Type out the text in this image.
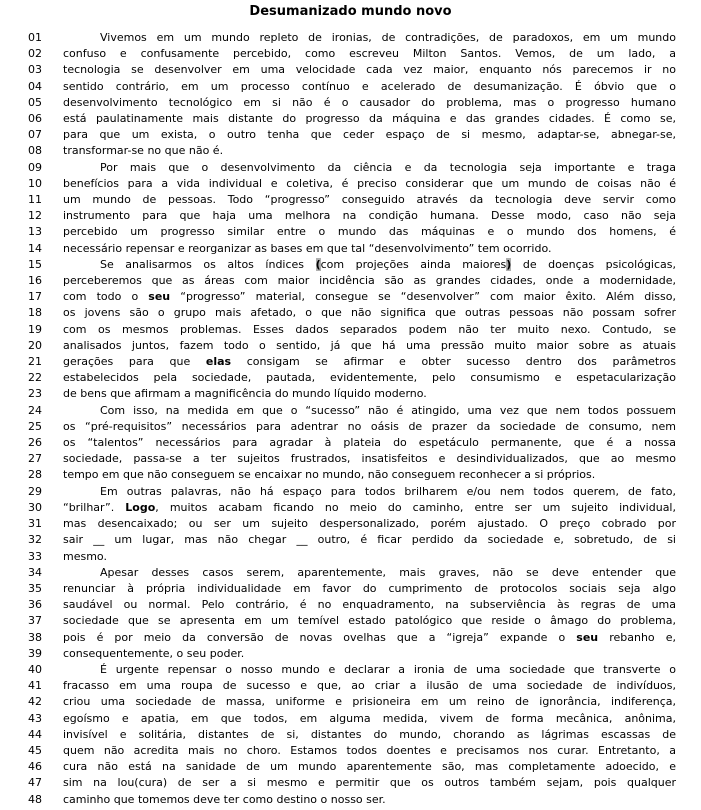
Desumanizado mundo novo
01	Vivemos em um mundo repleto de ironias, de contradições, de paradoxos, em um mundo
02	confuso e confusamente percebido, como escreveu Milton Santos. Vemos, de um lado, a
03	tecnologia se desenvolver em uma velocidade cada vez maior, enquanto nós parecemos ir no
04	sentido contrário, em um processo contínuo e acelerado de desumanização. É óbvio que o
05	desenvolvimento tecnológico em si não é o causador do problema, mas o progresso humano
06	está paulatinamente mais distante do progresso da máquina e das grandes cidades. É como se,
07	para que um exista, o outro tenha que ceder espaço de si mesmo, adaptar-se, abnegar-se,
08	transformar-se no que não é.
09	Por mais que o desenvolvimento da ciência e da tecnologia seja importante e traga
10	benefícios para a vida individual e coletiva, é preciso considerar que um mundo de coisas não é
11	um mundo de pessoas. Todo “progresso” conseguido através da tecnologia deve servir como
12	instrumento para que haja uma melhora na condição humana. Desse modo, caso não seja
13	percebido um progresso similar entre o mundo das máquinas e o mundo dos homens, é
14	necessário repensar e reorganizar as bases em que tal “desenvolvimento” tem ocorrido.
15	Se analisarmos os altos índices (com projeções ainda maiores) de doenças psicológicas,
16	perceberemos que as áreas com maior incidência são as grandes cidades, onde a modernidade,
17	com todo o seu “progresso” material, consegue se “desenvolver” com maior êxito. Além disso,
18	os jovens são o grupo mais afetado, o que não significa que outras pessoas não possam sofrer
19	com os mesmos problemas. Esses dados separados podem não ter muito nexo. Contudo, se
20	analisados juntos, fazem todo o sentido, já que há uma pressão muito maior sobre as atuais
21	gerações para que elas consigam se afirmar e obter sucesso dentro dos parâmetros
22	estabelecidos pela sociedade, pautada, evidentemente, pelo consumismo e espetacularização
23	de bens que afirmam a magnificência do mundo líquido moderno.
24	Com isso, na medida em que o “sucesso” não é atingido, uma vez que nem todos possuem
25	os “pré-requisitos” necessários para adentrar no oásis de prazer da sociedade de consumo, nem
26	os “talentos” necessários para agradar à plateia do espetáculo permanente, que é a nossa
27	sociedade, passa-se a ter sujeitos frustrados, insatisfeitos e desindividualizados, que ao mesmo
28	tempo em que não conseguem se encaixar no mundo, não conseguem reconhecer a si próprios.
29	Em outras palavras, não há espaço para todos brilharem e/ou nem todos querem, de fato,
30	“brilhar”. Logo, muitos acabam ficando no meio do caminho, entre ser um sujeito individual,
31	mas desencaixado; ou ser um sujeito despersonalizado, porém ajustado. O preço cobrado por
32	sair __ um lugar, mas não chegar __ outro, é ficar perdido da sociedade e, sobretudo, de si
33	mesmo.
34	Apesar desses casos serem, aparentemente, mais graves, não se deve entender que
35	renunciar à própria individualidade em favor do cumprimento de protocolos sociais seja algo
36	saudável ou normal. Pelo contrário, é no enquadramento, na subserviência às regras de uma
37	sociedade que se apresenta em um temível estado patológico que reside o âmago do problema,
38	pois é por meio da conversão de novas ovelhas que a “igreja” expande o seu rebanho e,
39	consequentemente, o seu poder.
40	É urgente repensar o nosso mundo e declarar a ironia de uma sociedade que transverte o
41	fracasso em uma roupa de sucesso e que, ao criar a ilusão de uma sociedade de indivíduos,
42	criou uma sociedade de massa, uniforme e prisioneira em um reino de ignorância, indiferença,
43	egoísmo e apatia, em que todos, em alguma medida, vivem de forma mecânica, anônima,
44	invisível e solitária, distantes de si, distantes do mundo, chorando as lágrimas escassas de
45	quem não acredita mais no choro. Estamos todos doentes e precisamos nos curar. Entretanto, a
46	cura não está na sanidade de um mundo aparentemente são, mas completamente adoecido, e
47	sim na lou(cura) de ser a si mesmo e permitir que os outros também sejam, pois qualquer
48	caminho que tomemos deve ter como destino o nosso ser.
